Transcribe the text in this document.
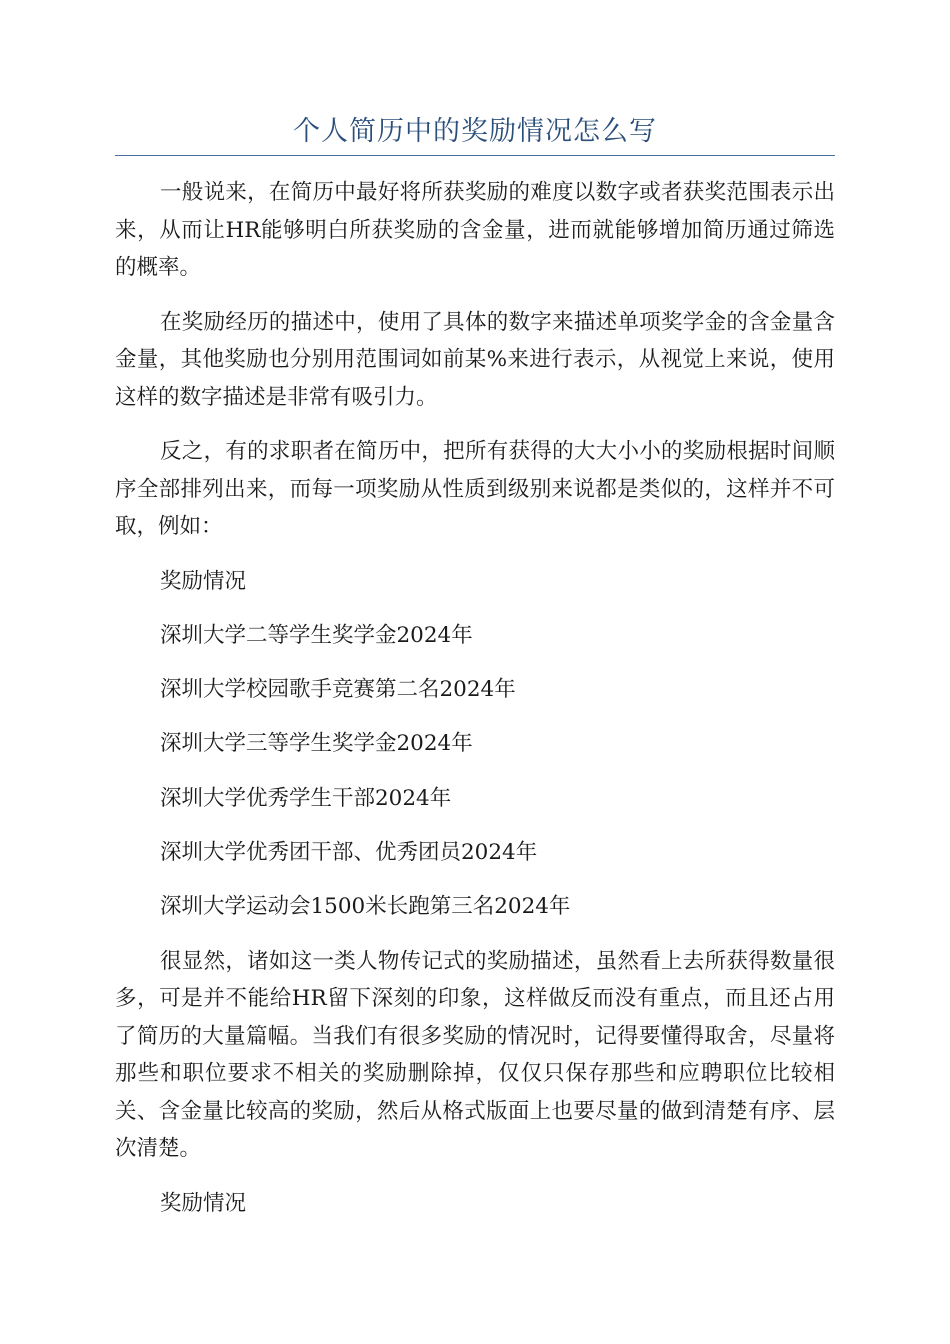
个人简历中的奖励情况怎么写

一般说来，在简历中最好将所获奖励的难度以数字或者获奖范围表示出来，从而让HR能够明白所获奖励的含金量，进而就能够增加简历通过筛选的概率。

在奖励经历的描述中，使用了具体的数字来描述单项奖学金的含金量含金量，其他奖励也分别用范围词如前某%来进行表示，从视觉上来说，使用这样的数字描述是非常有吸引力。

反之，有的求职者在简历中，把所有获得的大大小小的奖励根据时间顺序全部排列出来，而每一项奖励从性质到级别来说都是类似的，这样并不可取，例如：

奖励情况
深圳大学二等学生奖学金2024年
深圳大学校园歌手竞赛第二名2024年
深圳大学三等学生奖学金2024年
深圳大学优秀学生干部2024年
深圳大学优秀团干部、优秀团员2024年
深圳大学运动会1500米长跑第三名2024年

很显然，诸如这一类人物传记式的奖励描述，虽然看上去所获得数量很多，可是并不能给HR留下深刻的印象，这样做反而没有重点，而且还占用了简历的大量篇幅。当我们有很多奖励的情况时，记得要懂得取舍，尽量将那些和职位要求不相关的奖励删除掉，仅仅只保存那些和应聘职位比较相关、含金量比较高的奖励，然后从格式版面上也要尽量的做到清楚有序、层次清楚。

奖励情况
